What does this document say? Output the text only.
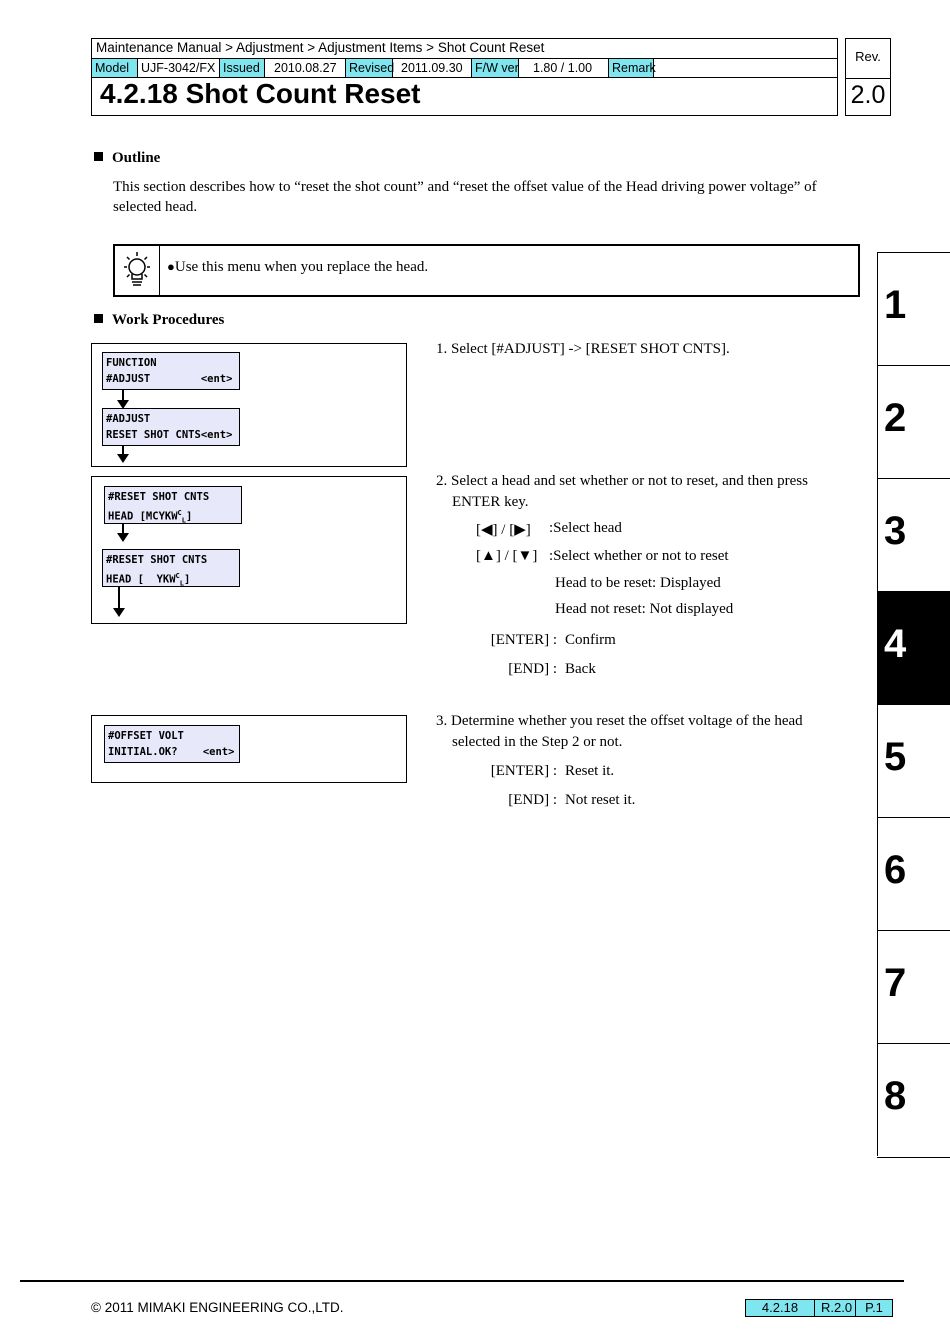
Maintenance Manual > Adjustment > Adjustment Items > Shot Count Reset
Model UJF-3042/FX Issued	2010.08.27 Revised 2011.09.30 F/W ver	1.80 / 1.00	Remark
4.2.18 Shot Count Reset
Rev.
2.0
Outline
This section describes how to “reset the shot count” and “reset the offset value of the Head driving power voltage” of selected head.
●Use this menu when you replace the head.
Work Procedures
FUNCTION
#ADJUST        <ent>
#ADJUST
RESET SHOT CNTS<ent>
#RESET SHOT CNTS
HEAD $[MCYKW^C_L]$
#RESET SHOT CNTS
HEAD [  $YKW^C_L$]
#OFFSET VOLT
INITIAL.OK?    <ent>
1. Select [#ADJUST] -> [RESET SHOT CNTS].
2. Select a head and set whether or not to reset, and then press ENTER key.
[◀] / [▶] :Select head
[▲] / [▼] :Select whether or not to reset
Head to be reset: Displayed
Head not reset: Not displayed
[ENTER] : Confirm
[END] : Back
3. Determine whether you reset the offset voltage of the head selected in the Step 2 or not.
[ENTER] : Reset it.
[END] : Not reset it.
1
2
3
4
5
6
7
8
© 2011 MIMAKI ENGINEERING CO.,LTD.	4.2.18	R.2.0	P.1
